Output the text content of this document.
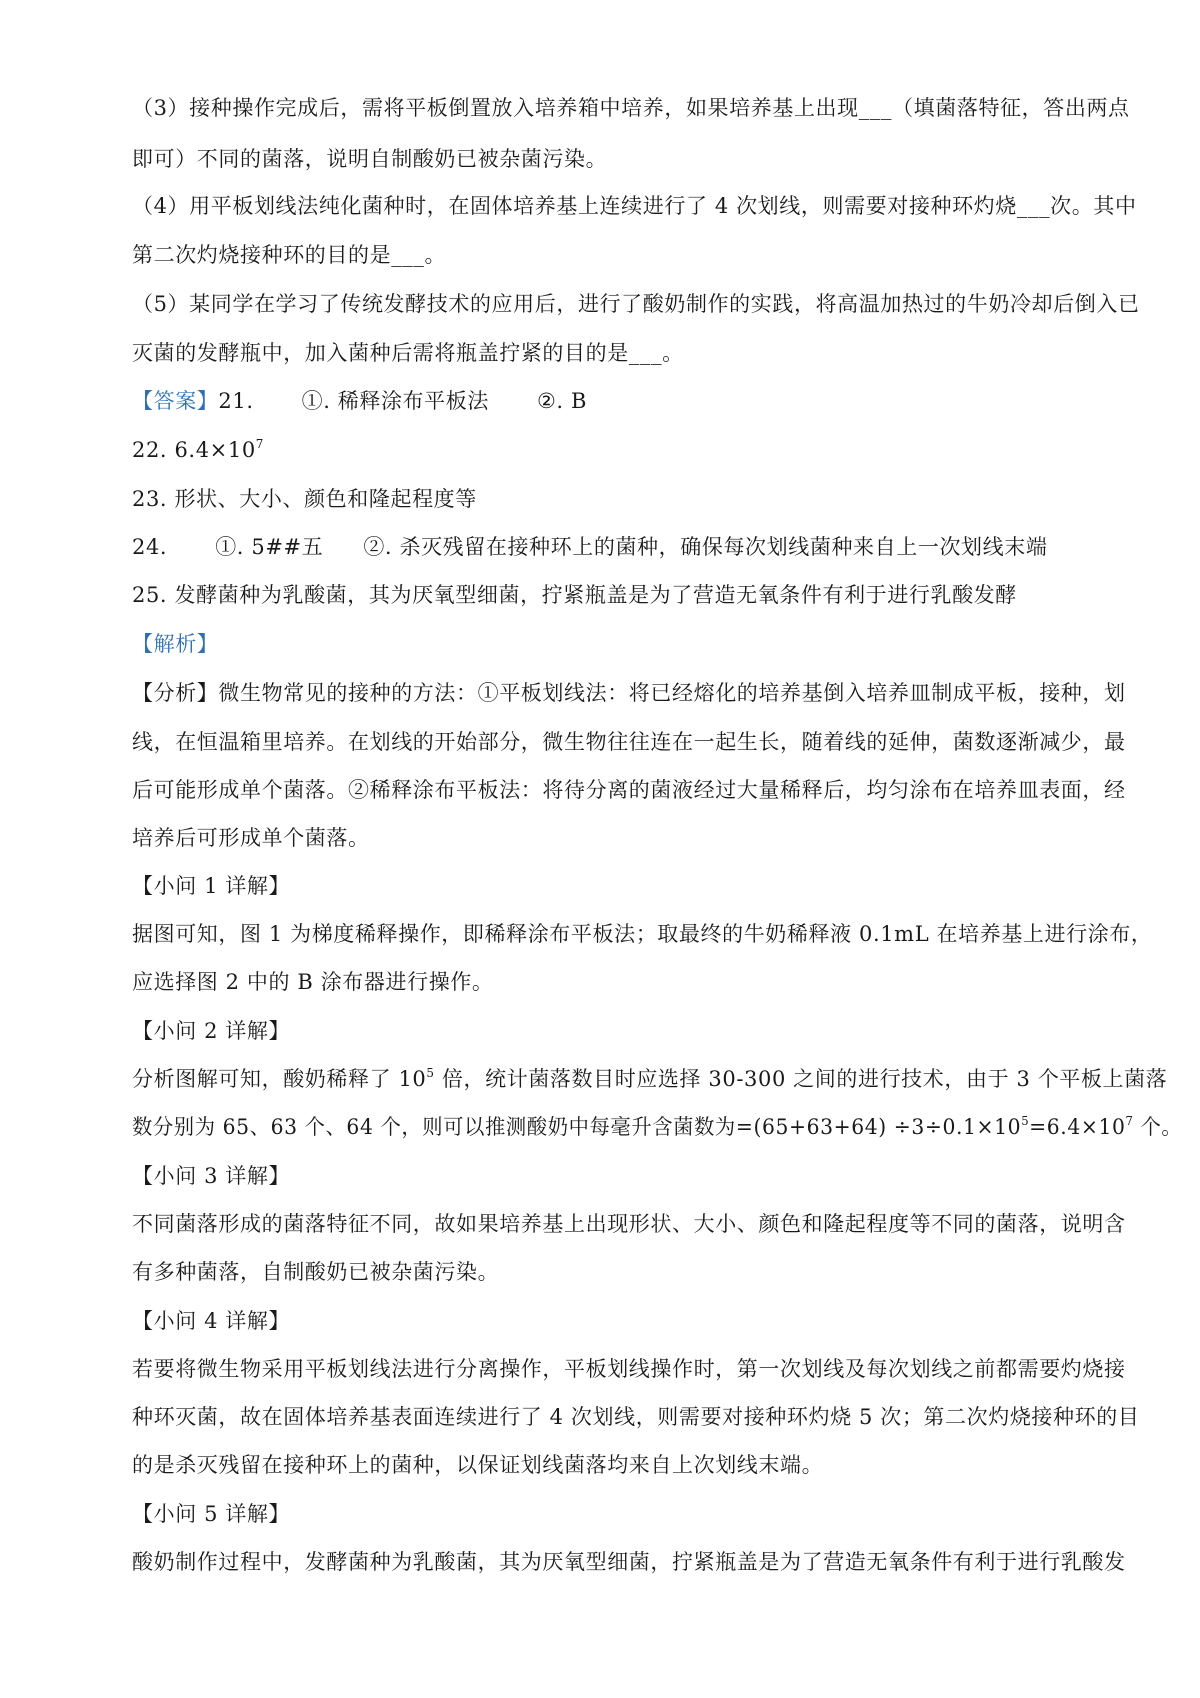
（3）接种操作完成后，需将平板倒置放入培养箱中培养，如果培养基上出现___（填菌落特征，答出两点
即可）不同的菌落，说明自制酸奶已被杂菌污染。
（4）用平板划线法纯化菌种时，在固体培养基上连续进行了 4 次划线，则需要对接种环灼烧___次。其中
第二次灼烧接种环的目的是___。
（5）某同学在学习了传统发酵技术的应用后，进行了酸奶制作的实践，将高温加热过的牛奶冷却后倒入已
灭菌的发酵瓶中，加入菌种后需将瓶盖拧紧的目的是___。
【答案】21. ①. 稀释涂布平板法 ②. B
22. $6.4\times 10^7$
23. 形状、大小、颜色和隆起程度等
24. ①. 5##五 ②. 杀灭残留在接种环上的菌种，确保每次划线菌种来自上一次划线末端
25. 发酵菌种为乳酸菌，其为厌氧型细菌，拧紧瓶盖是为了营造无氧条件有利于进行乳酸发酵
【解析】
【分析】微生物常见的接种的方法：①平板划线法：将已经熔化的培养基倒入培养皿制成平板，接种，划
线，在恒温箱里培养。在划线的开始部分，微生物往往连在一起生长，随着线的延伸，菌数逐渐减少，最
后可能形成单个菌落。②稀释涂布平板法：将待分离的菌液经过大量稀释后，均匀涂布在培养皿表面，经
培养后可形成单个菌落。
【小问 1 详解】
据图可知，图 1 为梯度稀释操作，即稀释涂布平板法；取最终的牛奶稀释液 0.1mL 在培养基上进行涂布，
应选择图 2 中的 B 涂布器进行操作。
【小问 2 详解】
分析图解可知，酸奶稀释了 $10^5$ 倍，统计菌落数目时应选择 30-300 之间的进行技术，由于 3 个平板上菌落
数分别为 65、63 个、64 个，则可以推测酸奶中每毫升含菌数为$=(65+63+64) \div 3\div 0.1\times 10^5=6.4\times 10^7$ 个。
【小问 3 详解】
不同菌落形成的菌落特征不同，故如果培养基上出现形状、大小、颜色和隆起程度等不同的菌落，说明含
有多种菌落，自制酸奶已被杂菌污染。
【小问 4 详解】
若要将微生物采用平板划线法进行分离操作，平板划线操作时，第一次划线及每次划线之前都需要灼烧接
种环灭菌，故在固体培养基表面连续进行了 4 次划线，则需要对接种环灼烧 5 次；第二次灼烧接种环的目
的是杀灭残留在接种环上的菌种，以保证划线菌落均来自上次划线末端。
【小问 5 详解】
酸奶制作过程中，发酵菌种为乳酸菌，其为厌氧型细菌，拧紧瓶盖是为了营造无氧条件有利于进行乳酸发
